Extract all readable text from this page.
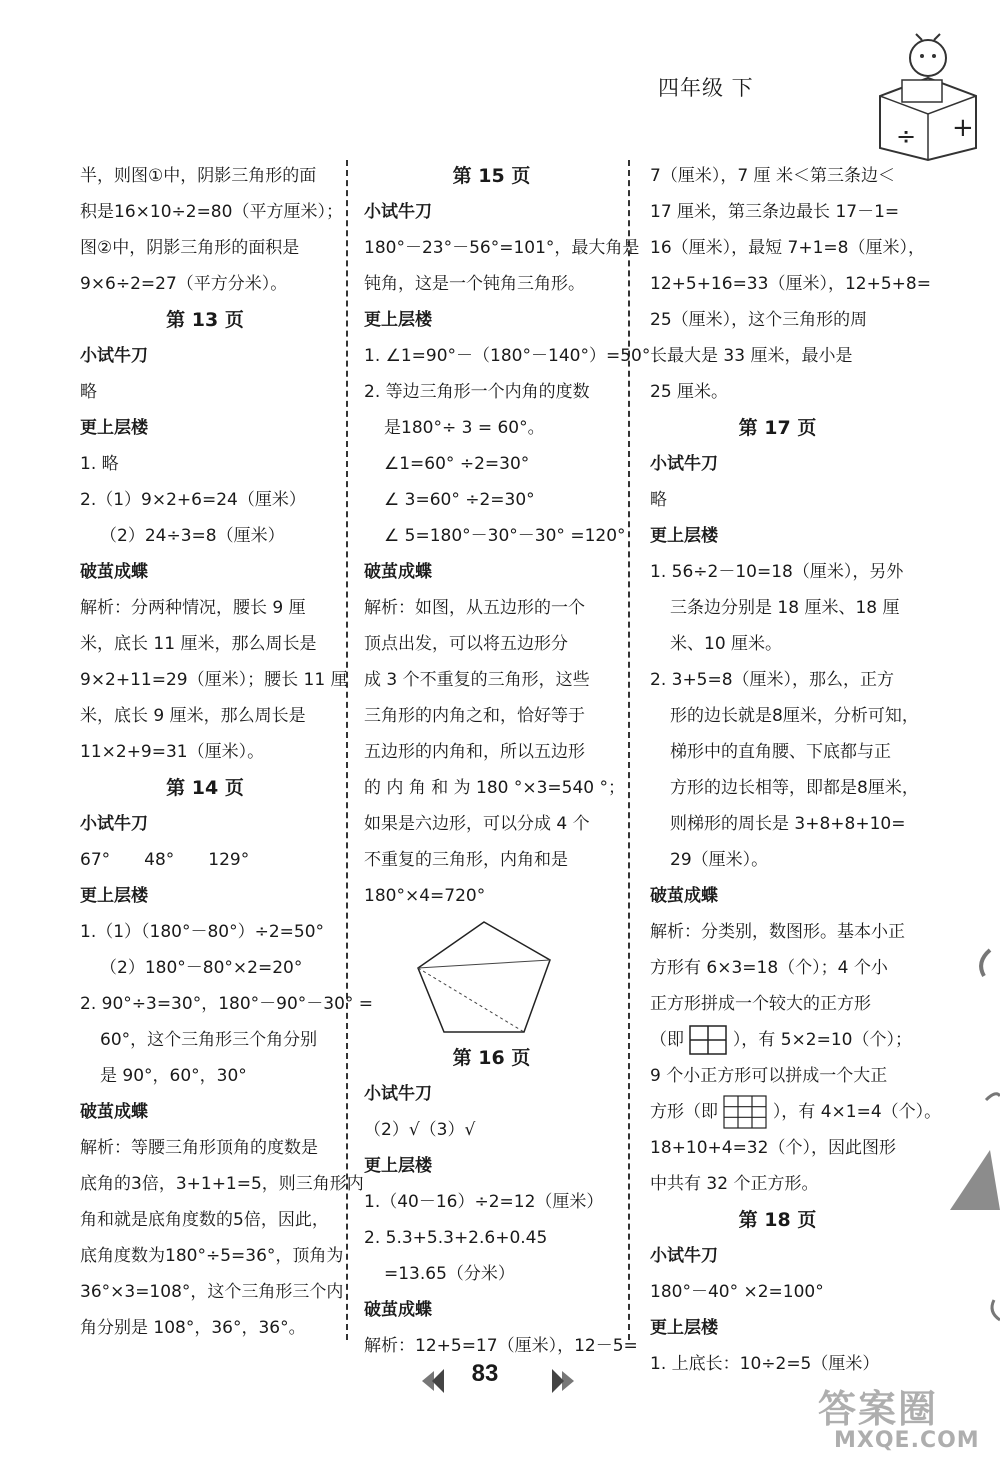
四年级 下
+
÷
半，则图①中，阴影三角形的面
积是16×10÷2=80（平方厘米）；
图②中，阴影三角形的面积是
9×6÷2=27（平方分米）。
第 13 页
小试牛刀
略
更上层楼
1. 略
2.（1）9×2+6=24（厘米）
（2）24÷3=8（厘米）
破茧成蝶
解析：分两种情况，腰长 9 厘
米，底长 11 厘米，那么周长是
9×2+11=29（厘米）；腰长 11 厘
米，底长 9 厘米，那么周长是
11×2+9=31（厘米）。
第 14 页
小试牛刀
67°　　48°　　129°
更上层楼
1.（1）（180°－80°）÷2=50°
（2）180°－80°×2=20°
2. 90°÷3=30°，180°－90°－30° =
60°，这个三角形三个角分别
是 90°，60°，30°
破茧成蝶
解析：等腰三角形顶角的度数是
底角的3倍，3+1+1=5，则三角形内
角和就是底角度数的5倍，因此，
底角度数为180°÷5=36°，顶角为
36°×3=108°，这个三角形三个内
角分别是 108°，36°，36°。
第 15 页
小试牛刀
180°－23°－56°=101°，最大角是
钝角，这是一个钝角三角形。
更上层楼
1. ∠1=90°－（180°－140°）=50°
2. 等边三角形一个内角的度数
是180°÷ 3 = 60°。
∠1=60° ÷2=30°
∠ 3=60° ÷2=30°
∠ 5=180°－30°－30° =120°
破茧成蝶
解析：如图，从五边形的一个
顶点出发，可以将五边形分
成 3 个不重复的三角形，这些
三角形的内角之和，恰好等于
五边形的内角和，所以五边形
的 内 角 和 为 180 °×3=540 °；
如果是六边形，可以分成 4 个
不重复的三角形，内角和是
180°×4=720°
第 16 页
小试牛刀
（2）√（3）√
更上层楼
1.（40－16）÷2=12（厘米）
2. 5.3+5.3+2.6+0.45
=13.65（分米）
破茧成蝶
解析：12+5=17（厘米），12－5=
7（厘米），7 厘 米＜第三条边＜
17 厘米，第三条边最长 17－1=
16（厘米），最短 7+1=8（厘米），
12+5+16=33（厘米），12+5+8=
25（厘米），这个三角形的周
长最大是 33 厘米，最小是
25 厘米。
第 17 页
小试牛刀
略
更上层楼
1. 56÷2－10=18（厘米），另外
三条边分别是 18 厘米、18 厘
米、10 厘米。
2. 3+5=8（厘米），那么，正方
形的边长就是8厘米，分析可知，
梯形中的直角腰、下底都与正
方形的边长相等，即都是8厘米，
则梯形的周长是 3+8+8+10=
29（厘米）。
破茧成蝶
解析：分类别，数图形。基本小正
方形有 6×3=18（个）；4 个小
正方形拼成一个较大的正方形
（即	），有 5×2=10（个）；
9 个小正方形可以拼成一个大正
方形（即	），有 4×1=4（个）。
18+10+4=32（个），因此图形
中共有 32 个正方形。
第 18 页
小试牛刀
180°－40° ×2=100°
更上层楼
1. 上底长：10÷2=5（厘米）
83
答案圈
MXQE.COM
